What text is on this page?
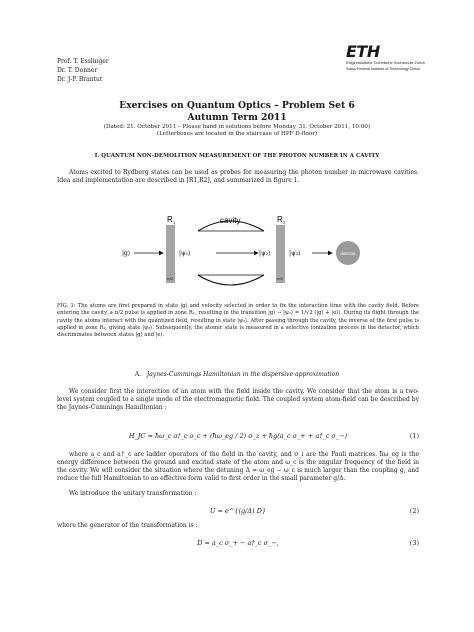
Prof. T. Esslinger
Dr. T. Donner
Dr. J-P. Brantut
ETH
Eidgenössische Technische Hochschule Zürich
Swiss Federal Institute of Technology Zurich
Exercises on Quantum Optics – Problem Set 6
Autumn Term 2011
(Dated: 21. October 2011 – Please hand in solutions before Monday, 31. October 2011, 10:00)
(Letterboxes are located in the staircase of HPF D-floor)
I. QUANTUM NON-DEMOLITION MEASUREMENT OF THE PHOTON NUMBER IN A CAVITY
Atoms excited to Rydberg states can be used as probes for measuring the photon number in microwave cavities. Idea and implementation are described in [R1,R2], and summarized in figure 1.
R 1	R 2
π/2	π/2
cavity
|g⟩	|ψ₁⟩	|ψ₂⟩	|ψ₃⟩	detector
FIG. 1: The atoms are first prepared in state |g⟩ and velocity selected in order to fix the interaction time with the cavity field. Before entering the cavity, a π/2 pulse is applied in zone R₁, resulting in the transition |g⟩ → |ψ₁⟩ = 1/√2 (|g⟩ + |e⟩). During its flight through the cavity the atoms interact with the quantized field, resulting in state |ψ₂⟩. After passing through the cavity, the inverse of the first pulse is applied in zone R₂, giving state |ψ₃⟩. Subsequently, the atomic state is measured in a selective ionization process in the detector, which discriminates between states |g⟩ and |e⟩.
A. Jaynes-Cummings Hamiltonian in the dispersive approximation
We consider first the interaction of an atom with the field inside the cavity. We consider that the atom is a two-level system coupled to a single mode of the electromagnetic field. The coupled system atom-field can be described by the Jaynes-Cummings Hamiltonian :
H_JC = ħω_c a†_c a_c + (ħω_eg / 2) σ_z + ħg(a_c σ_+ + a†_c σ_−)	(1)
where a_c and a†_c are ladder operators of the field in the cavity, and σ_i are the Pauli matrices. ħω_eg is the energy difference between the ground and excited state of the atom and ω_c is the angular frequency of the field in the cavity. We will consider the situation where the detuning Δ = ω_eg − ω_c is much larger than the coupling g, and reduce the full Hamiltonian to an effective form valid to first order in the small parameter g/Δ.
We introduce the unitary transformation :
U = e^{(g/Δ) D}	(2)
where the generator of the transformation is :
D = a_c σ_+ − a†_c σ_−,	(3)
